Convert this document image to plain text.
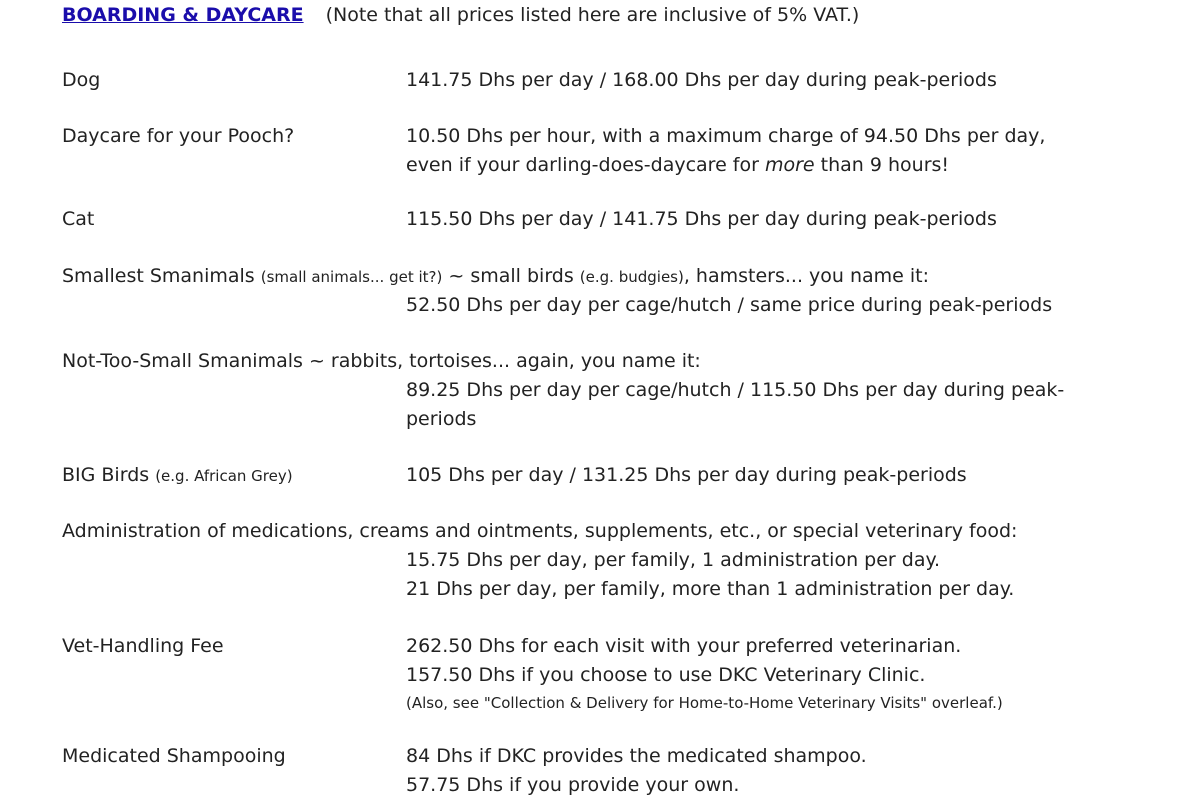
BOARDING & DAYCARE (Note that all prices listed here are inclusive of 5% VAT.)
Dog	141.75 Dhs per day / 168.00 Dhs per day during peak-periods
Daycare for your Pooch?	10.50 Dhs per hour, with a maximum charge of 94.50 Dhs per day,
even if your darling-does-daycare for more than 9 hours!
Cat	115.50 Dhs per day / 141.75 Dhs per day during peak-periods
Smallest Smanimals (small animals... get it?) ~ small birds (e.g. budgies), hamsters... you name it:
52.50 Dhs per day per cage/hutch / same price during peak-periods
Not-Too-Small Smanimals ~ rabbits, tortoises... again, you name it:
89.25 Dhs per day per cage/hutch / 115.50 Dhs per day during peak-
periods
BIG Birds (e.g. African Grey)	105 Dhs per day / 131.25 Dhs per day during peak-periods
Administration of medications, creams and ointments, supplements, etc., or special veterinary food:
15.75 Dhs per day, per family, 1 administration per day.
21 Dhs per day, per family, more than 1 administration per day.
Vet-Handling Fee	262.50 Dhs for each visit with your preferred veterinarian.
157.50 Dhs if you choose to use DKC Veterinary Clinic.
(Also, see "Collection & Delivery for Home-to-Home Veterinary Visits" overleaf.)
Medicated Shampooing	84 Dhs if DKC provides the medicated shampoo.
57.75 Dhs if you provide your own.
